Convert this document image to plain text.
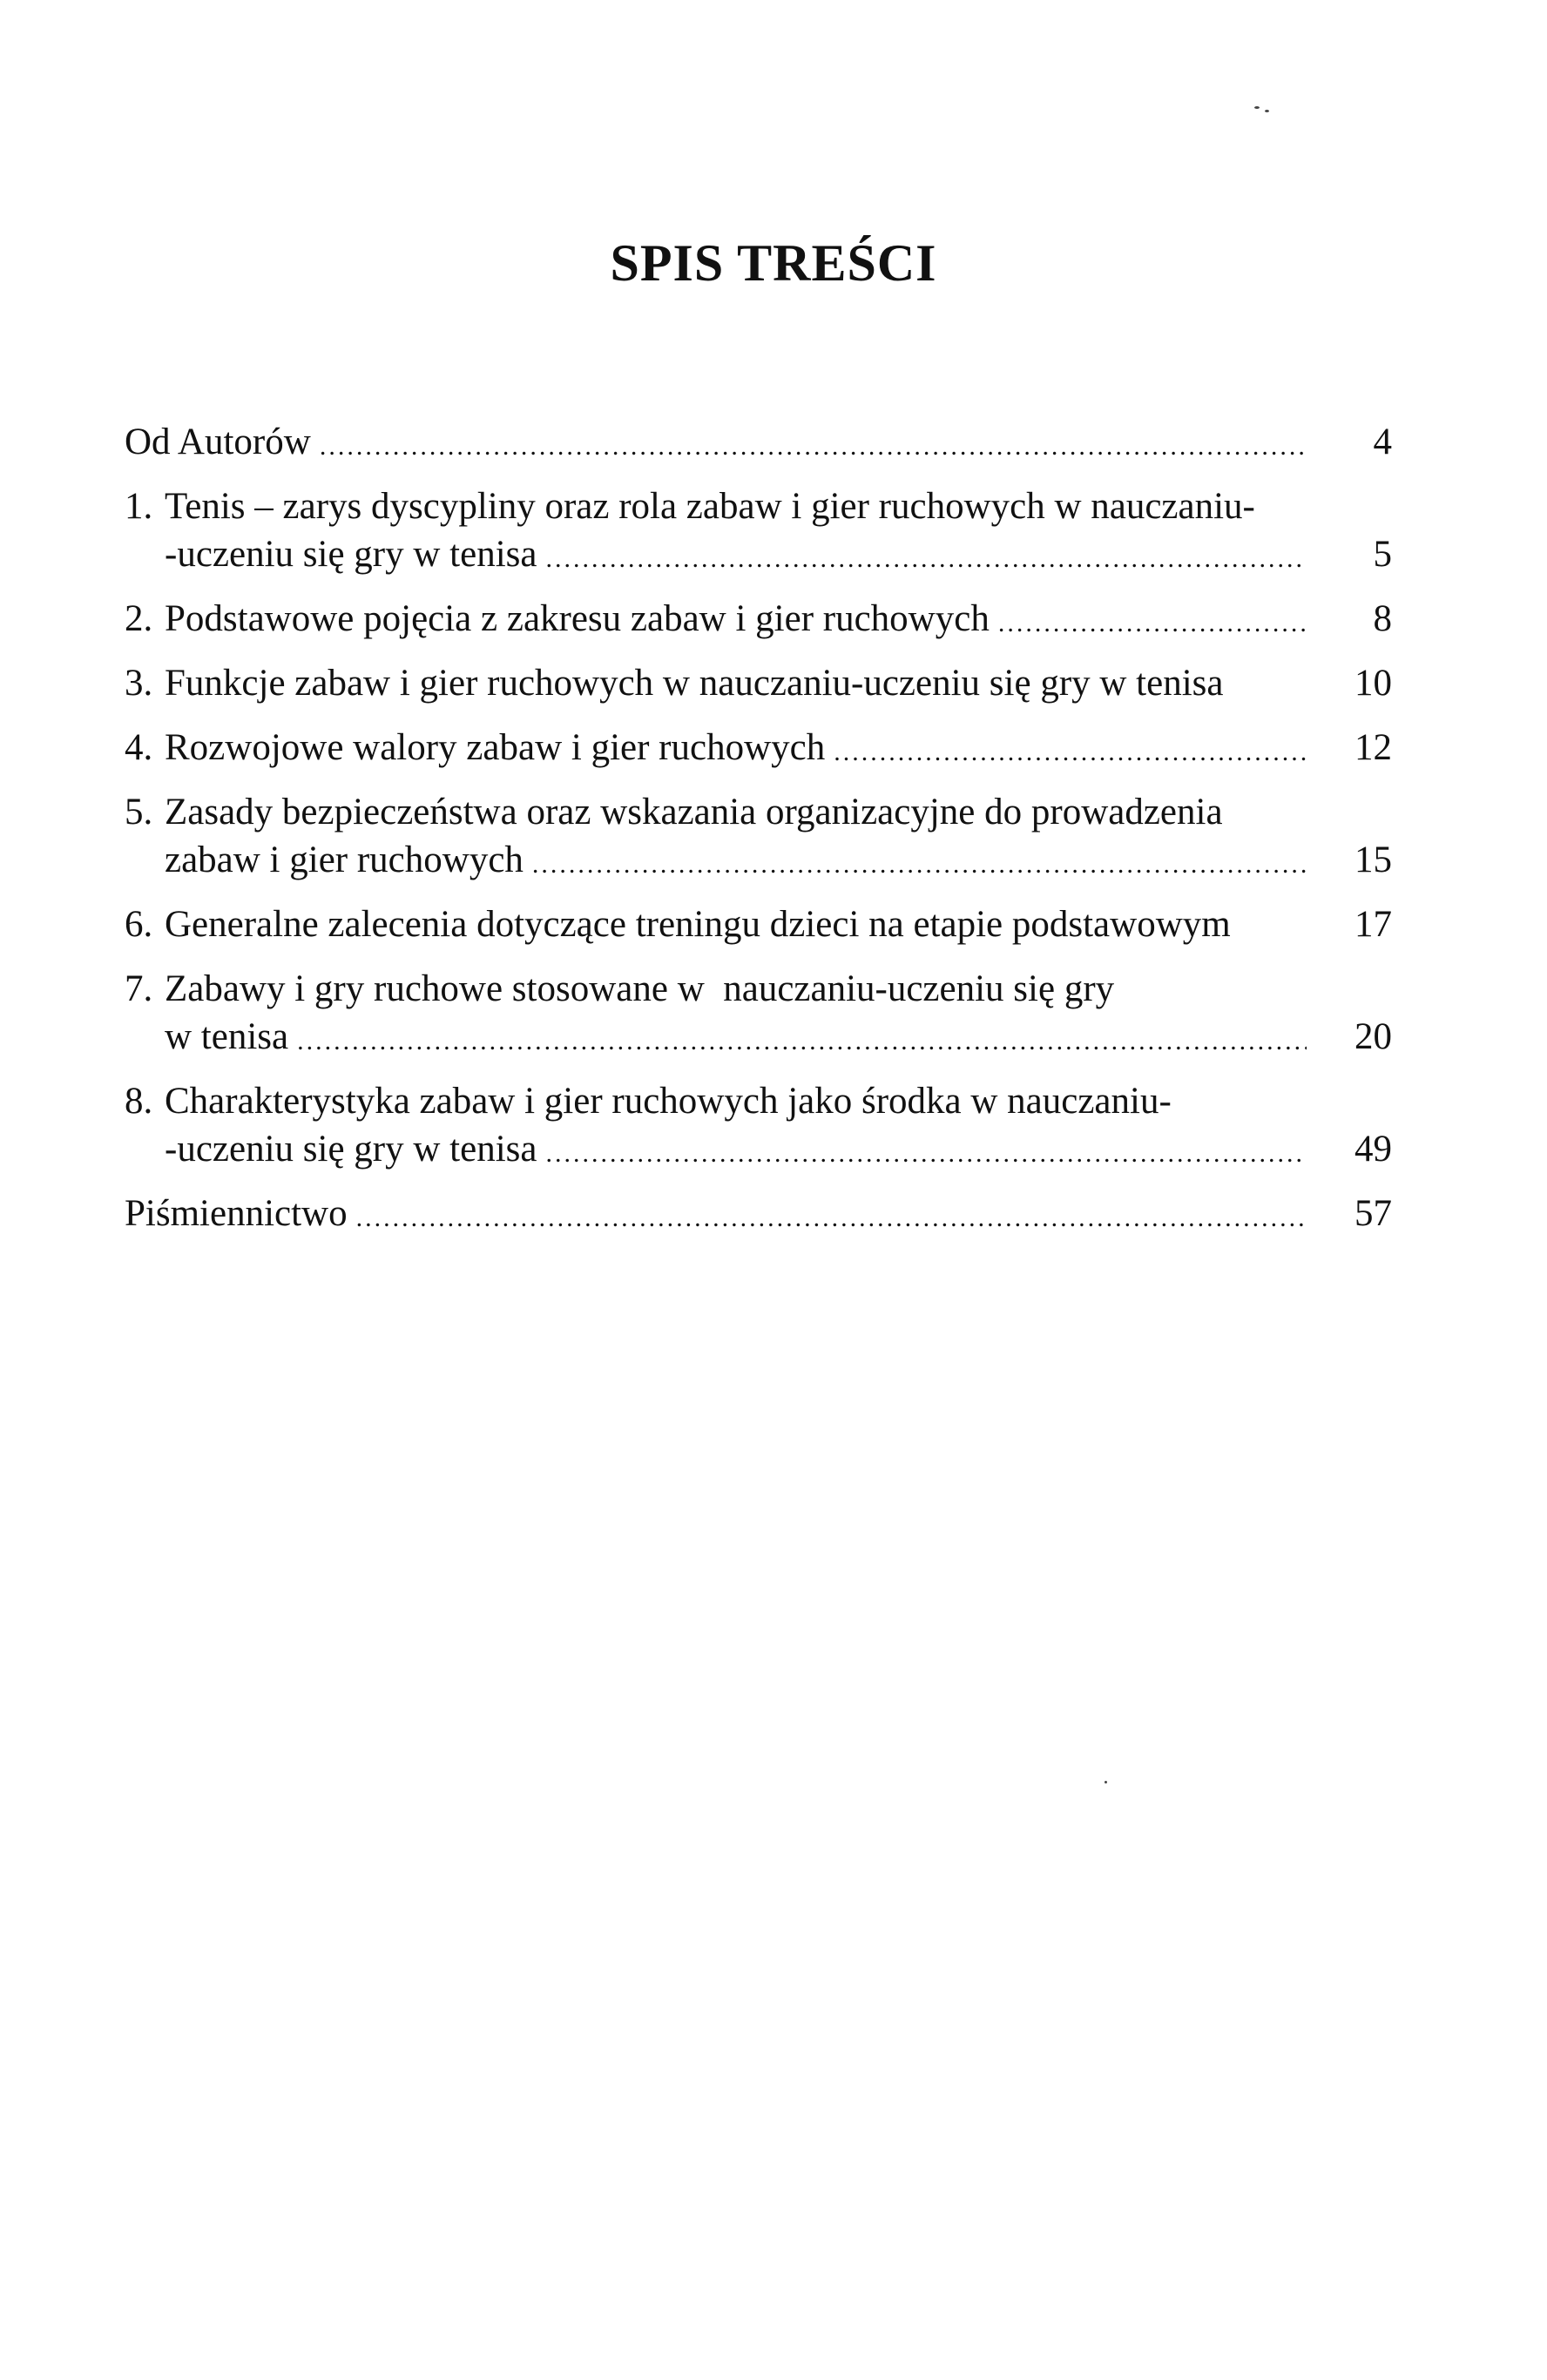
SPIS TREŚCI
Od Autorów .....	4
1. Tenis – zarys dyscypliny oraz rola zabaw i gier ruchowych w nauczaniu-
-uczeniu się gry w tenisa .....	5
2. Podstawowe pojęcia z zakresu zabaw i gier ruchowych .....	8
3. Funkcje zabaw i gier ruchowych w nauczaniu-uczeniu się gry w tenisa	10
4. Rozwojowe walory zabaw i gier ruchowych .....	12
5. Zasady bezpieczeństwa oraz wskazania organizacyjne do prowadzenia
zabaw i gier ruchowych .....	15
6. Generalne zalecenia dotyczące treningu dzieci na etapie podstawowym	17
7. Zabawy i gry ruchowe stosowane w  nauczaniu-uczeniu się gry
w tenisa .....	20
8. Charakterystyka zabaw i gier ruchowych jako środka w nauczaniu-
-uczeniu się gry w tenisa .....	49
Piśmiennictwo .....	57
